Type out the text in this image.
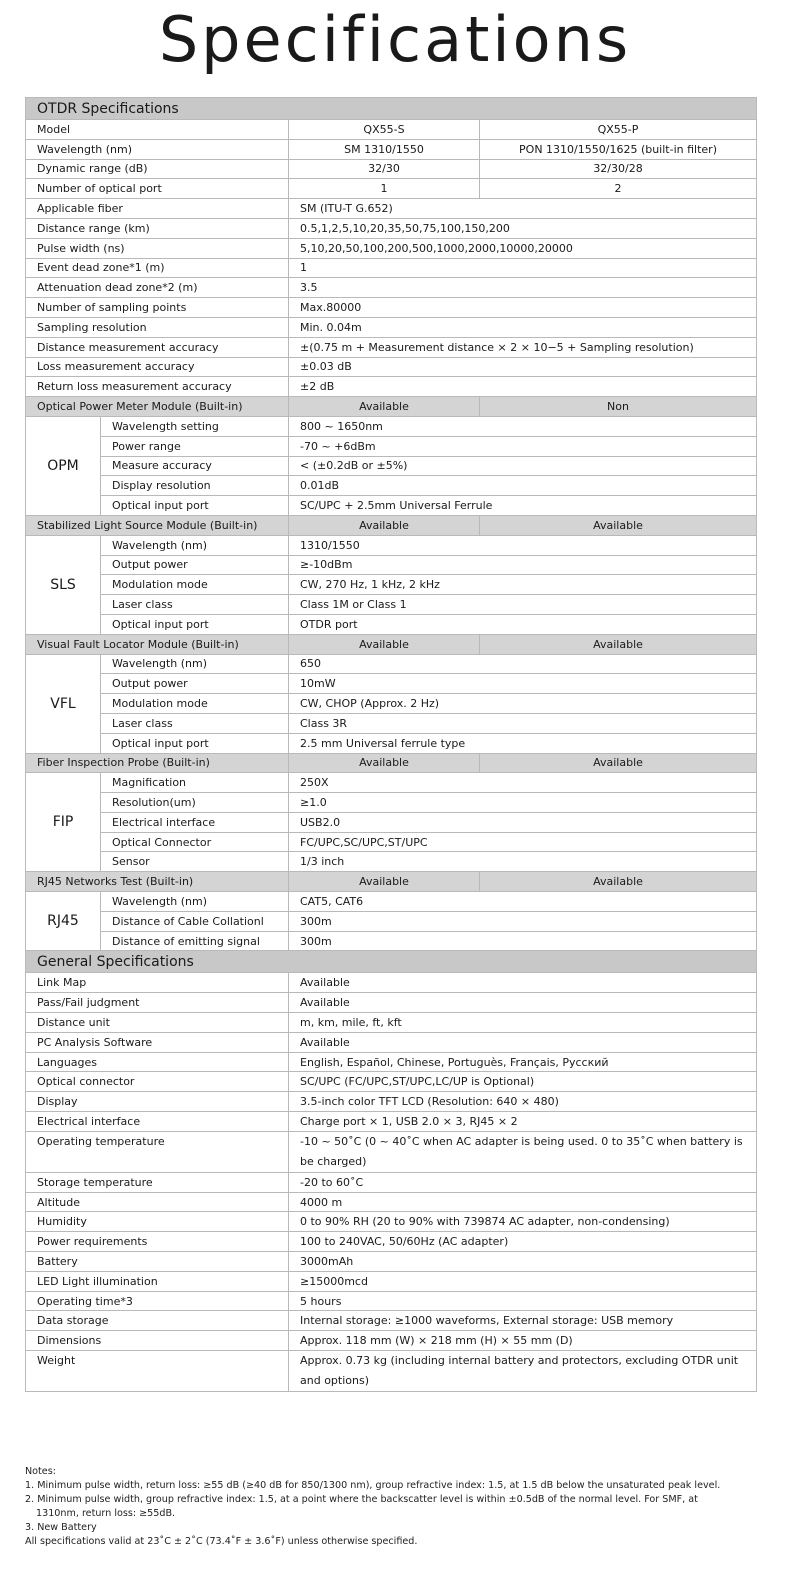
Specifications
OTDR Specifications			
Model		QX55-S	QX55-P
Wavelength (nm)		SM 1310/1550	PON 1310/1550/1625 (built-in filter)
Dynamic range (dB)		32/30	32/30/28
Number of optical port		1	2
Applicable fiber		SM (ITU-T G.652)	
Distance range (km)		0.5,1,2,5,10,20,35,50,75,100,150,200	
Pulse width (ns)		5,10,20,50,100,200,500,1000,2000,10000,20000	
Event dead zone*1 (m)		1	
Attenuation dead zone*2 (m)		3.5	
Number of sampling points		Max.80000	
Sampling resolution		Min. 0.04m	
Distance measurement accuracy		±(0.75 m + Measurement distance × 2 × 10−5 + Sampling resolution)	
Loss measurement accuracy		±0.03 dB	
Return loss measurement accuracy		±2 dB	
Optical Power Meter Module (Built-in)		Available	Non
OPM	Wavelength setting	800 ~ 1650nm	
	Power range	-70 ~ +6dBm	
	Measure accuracy	< (±0.2dB or ±5%)	
	Display resolution	0.01dB	
	Optical input port	SC/UPC + 2.5mm Universal Ferrule	
Stabilized Light Source Module (Built-in)		Available	Available
SLS	Wavelength (nm)	1310/1550	
	Output power	≥-10dBm	
	Modulation mode	CW, 270 Hz, 1 kHz, 2 kHz	
	Laser class	Class 1M or Class 1	
	Optical input port	OTDR port	
Visual Fault Locator Module (Built-in)		Available	Available
VFL	Wavelength (nm)	650	
	Output power	10mW	
	Modulation mode	CW, CHOP (Approx. 2 Hz)	
	Laser class	Class 3R	
	Optical input port	2.5 mm Universal ferrule type	
Fiber Inspection Probe (Built-in)		Available	Available
FIP	Magnification	250X	
	Resolution(um)	≥1.0	
	Electrical interface	USB2.0	
	Optical Connector	FC/UPC,SC/UPC,ST/UPC	
	Sensor	1/3 inch	
RJ45 Networks Test (Built-in)		Available	Available
RJ45	Wavelength (nm)	CAT5, CAT6	
	Distance of Cable Collationl	300m	
	Distance of emitting signal	300m	
General Specifications			
Link Map		Available	
Pass/Fail judgment		Available	
Distance unit		m, km, mile, ft, kft	
PC Analysis Software		Available	
Languages		English, Español, Chinese, Portuguès, Français, Русский	
Optical connector		SC/UPC (FC/UPC,ST/UPC,LC/UP is Optional)	
Display		3.5-inch color TFT LCD (Resolution: 640 × 480)	
Electrical interface		Charge port × 1, USB 2.0 × 3, RJ45 × 2	
Operating temperature		-10 ~ 50˚C (0 ~ 40˚C when AC adapter is being used. 0 to 35˚C when battery is be charged)	
Storage temperature		-20 to 60˚C	
Altitude		4000 m	
Humidity		0 to 90% RH (20 to 90% with 739874 AC adapter, non-condensing)	
Power requirements		100 to 240VAC, 50/60Hz (AC adapter)	
Battery		3000mAh	
LED Light illumination		≥15000mcd	
Operating time*3		5 hours	
Data storage		Internal storage: ≥1000 waveforms, External storage: USB memory	
Dimensions		Approx. 118 mm (W) × 218 mm (H) × 55 mm (D)	
Weight		Approx. 0.73 kg (including internal battery and protectors, excluding OTDR unit and options)	
Notes:
1. Minimum pulse width, return loss: ≥55 dB (≥40 dB for 850/1300 nm), group refractive index: 1.5, at 1.5 dB below the unsaturated peak level.
2. Minimum pulse width, group refractive index: 1.5, at a point where the backscatter level is within ±0.5dB of the normal level. For SMF, at
1310nm, return loss: ≥55dB.
3. New Battery
All specifications valid at 23˚C ± 2˚C (73.4˚F ± 3.6˚F) unless otherwise specified.
